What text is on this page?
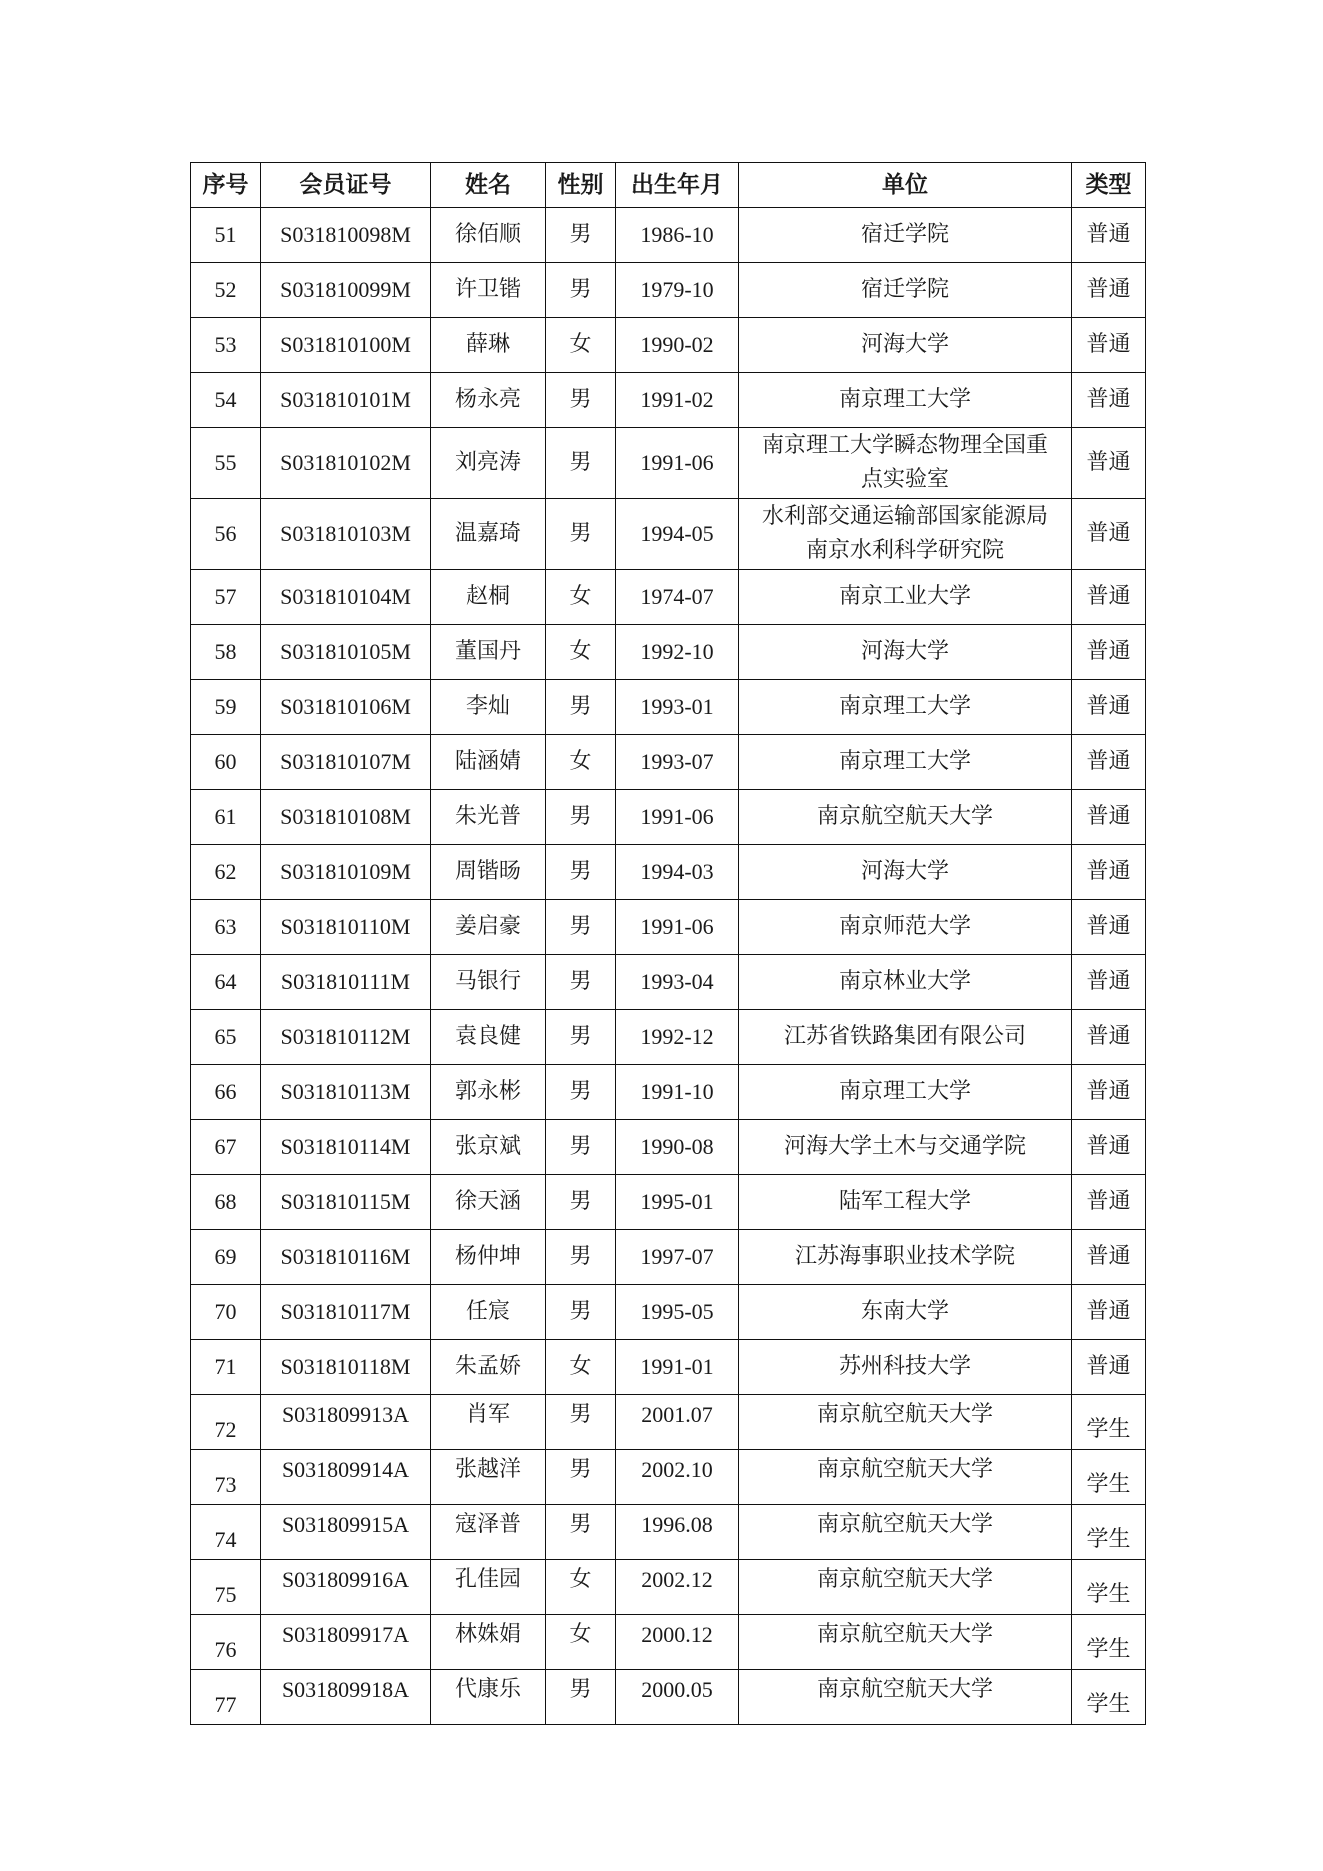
序号	会员证号	姓名	性别	出生年月	单位	类型
51	S031810098M	徐佰顺	男	1986-10	宿迁学院	普通
52	S031810099M	许卫锴	男	1979-10	宿迁学院	普通
53	S031810100M	薛琳	女	1990-02	河海大学	普通
54	S031810101M	杨永亮	男	1991-02	南京理工大学	普通
55	S031810102M	刘亮涛	男	1991-06	南京理工大学瞬态物理全国重
点实验室	普通
56	S031810103M	温嘉琦	男	1994-05	水利部交通运输部国家能源局
南京水利科学研究院	普通
57	S031810104M	赵桐	女	1974-07	南京工业大学	普通
58	S031810105M	董国丹	女	1992-10	河海大学	普通
59	S031810106M	李灿	男	1993-01	南京理工大学	普通
60	S031810107M	陆涵婧	女	1993-07	南京理工大学	普通
61	S031810108M	朱光普	男	1991-06	南京航空航天大学	普通
62	S031810109M	周锴旸	男	1994-03	河海大学	普通
63	S031810110M	姜启豪	男	1991-06	南京师范大学	普通
64	S031810111M	马银行	男	1993-04	南京林业大学	普通
65	S031810112M	袁良健	男	1992-12	江苏省铁路集团有限公司	普通
66	S031810113M	郭永彬	男	1991-10	南京理工大学	普通
67	S031810114M	张京斌	男	1990-08	河海大学土木与交通学院	普通
68	S031810115M	徐天涵	男	1995-01	陆军工程大学	普通
69	S031810116M	杨仲坤	男	1997-07	江苏海事职业技术学院	普通
70	S031810117M	任宸	男	1995-05	东南大学	普通
71	S031810118M	朱孟娇	女	1991-01	苏州科技大学	普通
72	S031809913A	肖军	男	2001.07	南京航空航天大学	学生
73	S031809914A	张越洋	男	2002.10	南京航空航天大学	学生
74	S031809915A	寇泽普	男	1996.08	南京航空航天大学	学生
75	S031809916A	孔佳园	女	2002.12	南京航空航天大学	学生
76	S031809917A	林姝娟	女	2000.12	南京航空航天大学	学生
77	S031809918A	代康乐	男	2000.05	南京航空航天大学	学生
